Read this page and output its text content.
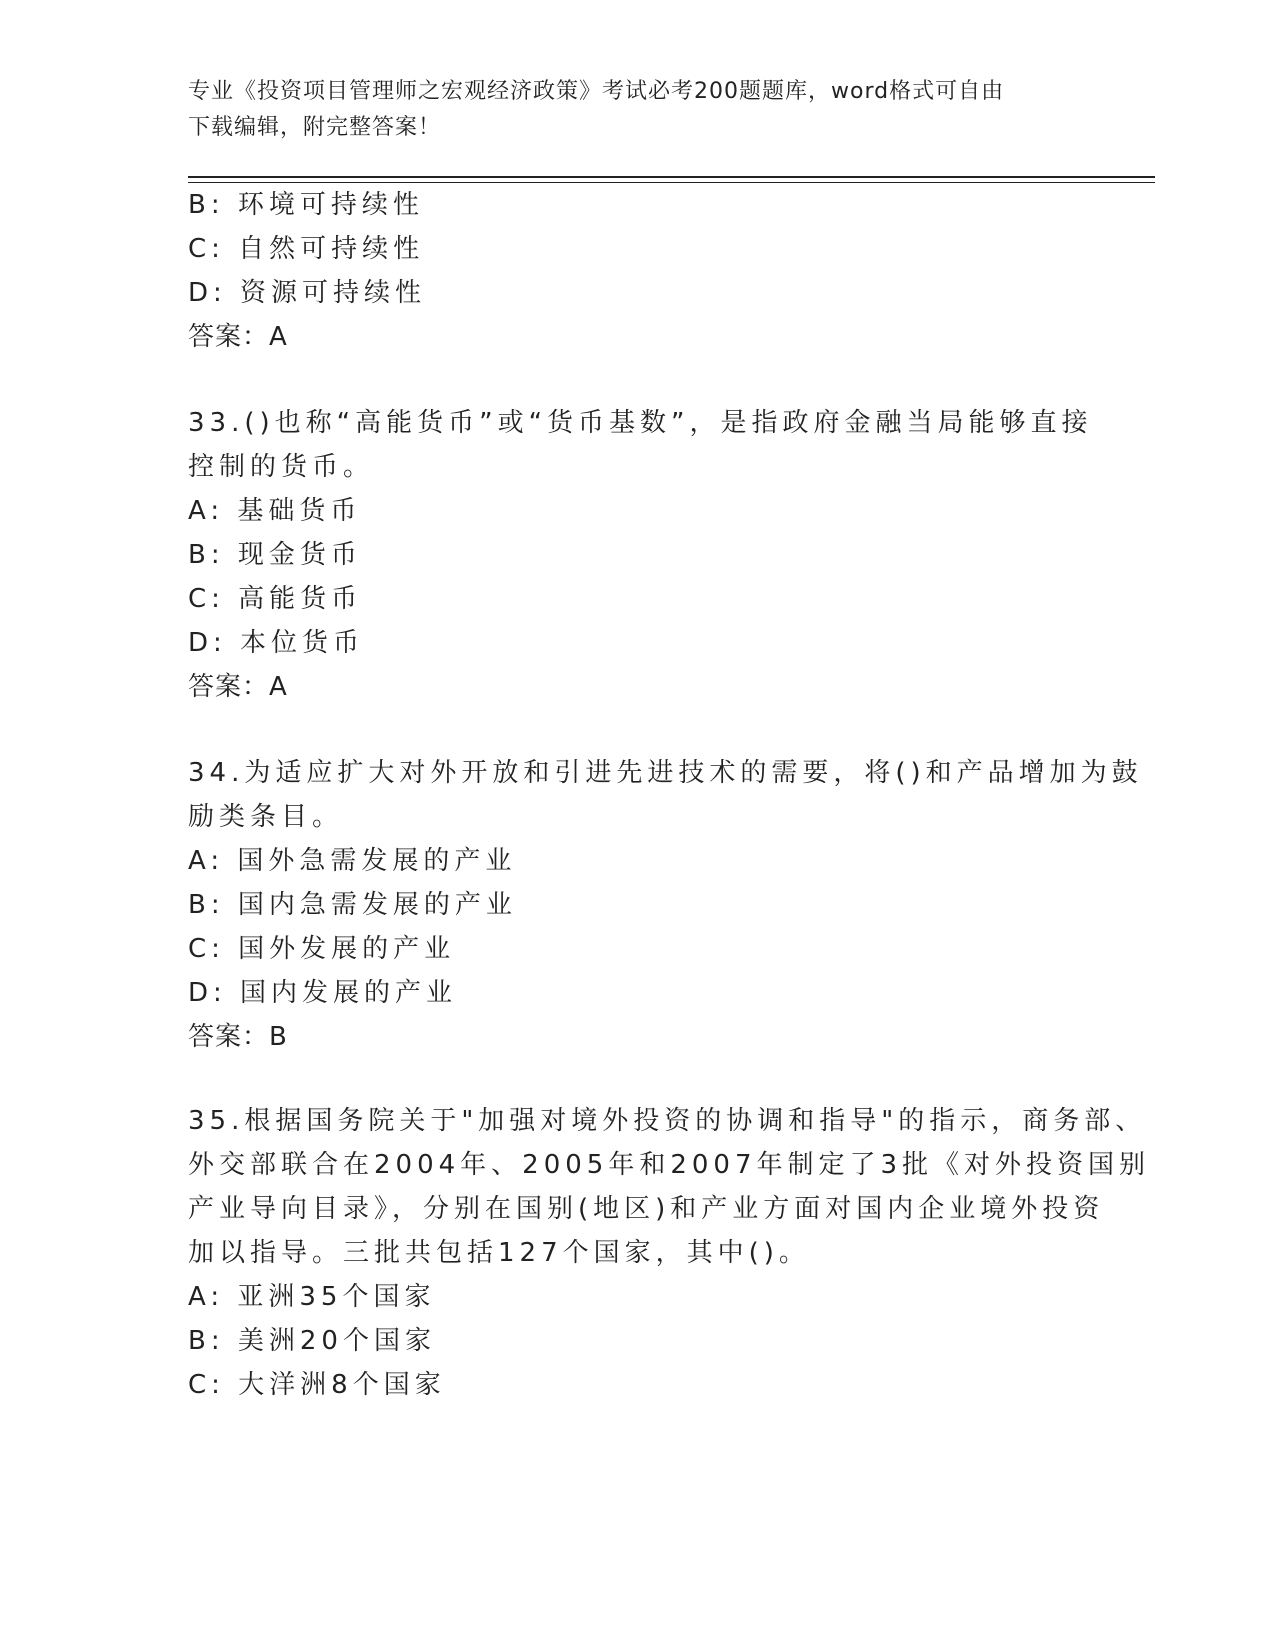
专业《投资项目管理师之宏观经济政策》考试必考200题题库，word格式可自由
下载编辑，附完整答案！
B: 环境可持续性
C: 自然可持续性
D: 资源可持续性
答案：A
33.()也称“高能货币”或“货币基数”，是指政府金融当局能够直接
控制的货币。
A: 基础货币
B: 现金货币
C: 高能货币
D: 本位货币
答案：A
34.为适应扩大对外开放和引进先进技术的需要，将()和产品增加为鼓
励类条目。
A: 国外急需发展的产业
B: 国内急需发展的产业
C: 国外发展的产业
D: 国内发展的产业
答案：B
35.根据国务院关于"加强对境外投资的协调和指导"的指示，商务部、
外交部联合在2004年、2005年和2007年制定了3批《对外投资国别
产业导向目录》，分别在国别(地区)和产业方面对国内企业境外投资
加以指导。三批共包括127个国家，其中()。
A: 亚洲35个国家
B: 美洲20个国家
C: 大洋洲8个国家
